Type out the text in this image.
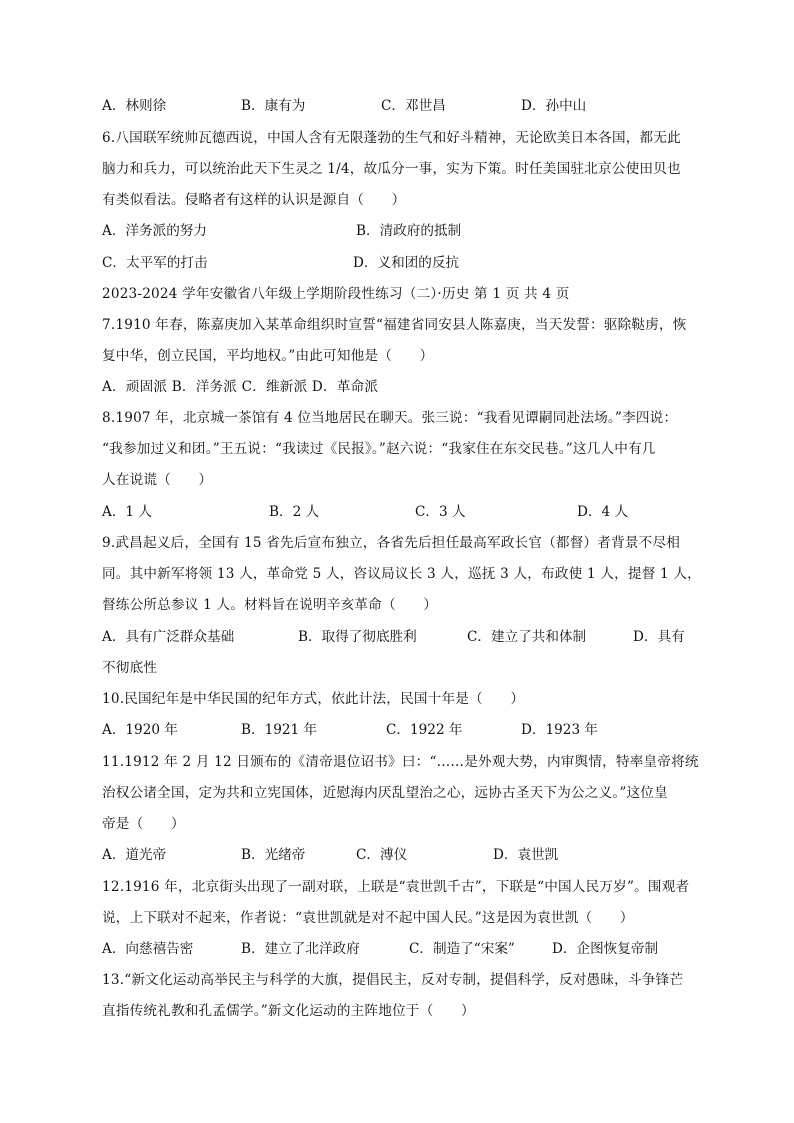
A．林则徐	B．康有为	C．邓世昌	D．孙中山
6.八国联军统帅瓦德西说，中国人含有无限蓬勃的生气和好斗精神，无论欧美日本各国，都无此
脑力和兵力，可以统治此天下生灵之 1/4，故瓜分一事，实为下策。时任美国驻北京公使田贝也
有类似看法。侵略者有这样的认识是源自（　　）
A．洋务派的努力	B．清政府的抵制
C．太平军的打击	D．义和团的反抗
2023-2024 学年安徽省八年级上学期阶段性练习（二）·历史 第 1 页 共 4 页
7.1910 年春，陈嘉庚加入某革命组织时宣誓“福建省同安县人陈嘉庚，当天发誓：驱除鞑虏，恢
复中华，创立民国，平均地权。”由此可知他是（　　）
A．顽固派 B．洋务派 C．维新派 D．革命派
8.1907 年，北京城一茶馆有 4 位当地居民在聊天。张三说：“我看见谭嗣同赴法场。”李四说：
“我参加过义和团。”王五说：“我读过《民报》。”赵六说：“我家住在东交民巷。”这几人中有几
人在说谎（　　）
A．1 人	B．2 人	C．3 人	D．4 人
9.武昌起义后，全国有 15 省先后宣布独立，各省先后担任最高军政长官（都督）者背景不尽相
同。其中新军将领 13 人，革命党 5 人，咨议局议长 3 人，巡抚 3 人，布政使 1 人，提督 1 人，
督练公所总参议 1 人。材料旨在说明辛亥革命（　　）
A．具有广泛群众基础	B．取得了彻底胜利	C．建立了共和体制	D．具有
不彻底性
10.民国纪年是中华民国的纪年方式，依此计法，民国十年是（　　）
A．1920 年	B．1921 年	C．1922 年	D．1923 年
11.1912 年 2 月 12 日颁布的《清帝退位诏书》曰：“……是外观大势，内审舆情，特率皇帝将统
治权公诸全国，定为共和立宪国体，近慰海内厌乱望治之心，远协古圣天下为公之义。”这位皇
帝是（　　）
A．道光帝	B．光绪帝	C．溥仪	D．袁世凯
12.1916 年，北京街头出现了一副对联，上联是“袁世凯千古”，下联是“中国人民万岁”。围观者
说，上下联对不起来，作者说：“袁世凯就是对不起中国人民。”这是因为袁世凯（　　）
A．向慈禧告密	B．建立了北洋政府	C．制造了“宋案”	D．企图恢复帝制
13.“新文化运动高举民主与科学的大旗，提倡民主，反对专制，提倡科学，反对愚昧，斗争锋芒
直指传统礼教和孔孟儒学。”新文化运动的主阵地位于（　　）
